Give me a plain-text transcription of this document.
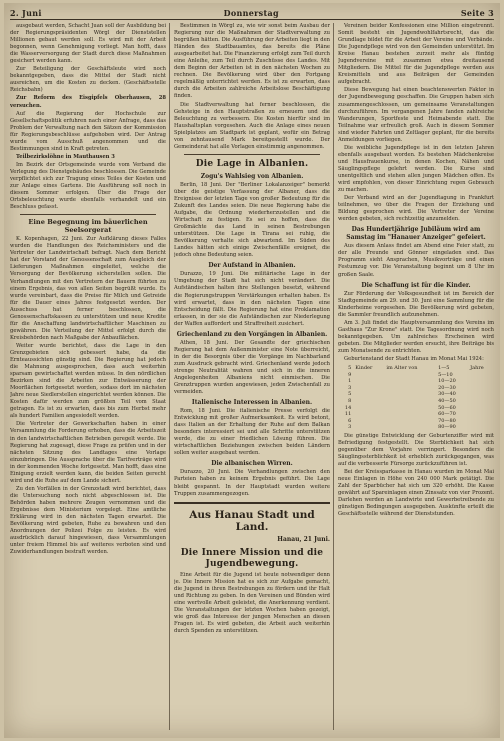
2. Juni	Donnerstag	Seite 3

ausgebaut werden, Schacht Juan soll der Ausbildung bei der Regierungspräsidenten Wörgl der Dienststellen Millionen gebaut werden soll. Es wird mit der Arbeit begonnen, wenn Genehmigung vorliegt. Man hofft, dass die Wasserversorgung der Stadt durch diese Maßnahmen gesichert werden kann.

Zur Beteiligung der Geschäftsleute wird noch bekanntgegeben, dass die Mittel der Stadt nicht ausreichen, um die Kosten zu decken. (Geschäftsstelle Reichsbahn)

Zur Reform des Eisgipfels Oberhausen, 28 versuchen.

Auf die Regierung der Hochschule zur Gesellschaftspolitik erfuhren nach einer Anfrage, dass das Problem der Verwaltung nach den Sätzen der Kommission für Regierungsbeschlüsse aufgehoben wird. Der Antrag wurde vom Ausschuß angenommen und die Bestimmungen sind in Kraft getreten.

Teilbezirkslöhne in Mauthausen 3

Im Bezirk der Ortsgemeinde wurde vom Verband die Verlegung des Dienstgebäudes beschlossen. Die Gemeinde verpflichtet sich zur Tragung eines Teiles der Kosten und zur Anlage eines Gartens. Die Ausführung soll noch in diesem Sommer erfolgen. Über die Frage der Ortsbeleuchtung wurde ebenfalls verhandelt und ein Beschluss gefasst.

Eine Begegnung im bäuerlichen Seelsorgerat

K. Kopenhagen, 22 Juni. Zur Aufklärung dieses Falles wurden die Handlungen des Reichsministers und die Vertreter der Landwirtschaft befragt. Nach dem Bericht hat der Vorstand der Genossenschaft zum Ausgleich der Lieferungen Maßnahmen eingeleitet, welche die Versorgung der Bevölkerung sicherstellen sollen. Die Verhandlungen mit den Vertretern der Bauern führten zu einem Ergebnis, das von allen Seiten begrüßt wurde. Es wurde vereinbart, dass die Preise für Milch und Getreide für die Dauer eines Jahres festgesetzt werden. Der Ausschuss hat ferner beschlossen, die Genossenschaftskassen zu unterstützen und neue Kredite für die Anschaffung landwirtschaftlicher Maschinen zu gewähren. Die Verteilung der Mittel erfolgt durch die Kreisbehörden nach Maßgabe der Anbauflächen.

Weiter wurde berichtet, dass die Lage in den Grenzgebieten sich gebessert habe, da die Ernteaussichten günstig sind. Die Regierung hat jedoch die Mahnung ausgesprochen, dass auch weiterhin sparsam gewirtschaftet werden müsse. In den nördlichen Bezirken sind die Arbeiten zur Entwässerung der Moorflächen fortgesetzt worden, sodass dort im nächsten Jahre neue Siedlerstellen eingerichtet werden können. Die Kosten dafür werden zum größten Teil vom Staat getragen. Es ist zu erwarten, dass bis zum Herbst mehr als hundert Familien angesiedelt werden.

Die Vertreter der Gewerkschaften haben in einer Versammlung die Forderung erhoben, dass die Arbeitszeit in den landwirtschaftlichen Betrieben geregelt werde. Die Regierung hat zugesagt, diese Frage zu prüfen und in der nächsten Sitzung des Landtages eine Vorlage einzubringen. Die Aussprache über die Tarifverträge wird in der kommenden Woche fortgesetzt. Man hofft, dass eine Einigung erzielt werden kann, die beiden Seiten gerecht wird und die Ruhe auf dem Lande sichert.

Zu den Vorfällen in der Grenzstadt wird berichtet, dass die Untersuchung noch nicht abgeschlossen ist. Die Behörden haben mehrere Zeugen vernommen und die Ergebnisse dem Ministerium vorgelegt. Eine amtliche Erklärung wird in den nächsten Tagen erwartet. Die Bevölkerung wird gebeten, Ruhe zu bewahren und den Anordnungen der Polizei Folge zu leisten. Es wird ausdrücklich darauf hingewiesen, dass Versammlungen unter freiem Himmel bis auf weiteres verboten sind und Zuwiderhandlungen bestraft werden.

Bestimmen in Wörgl zu, wie wir sonst beim Ausbau der Regierung nur die Maßnahmen der Stadtverwaltung zu begrüßen hätten. Die Ausführung der Arbeiten liegt in den Händen des Stadtbauamtes, das bereits die Pläne ausgearbeitet hat. Die Finanzierung erfolgt zum Teil durch eine Anleihe, zum Teil durch Zuschüsse des Landes. Mit dem Beginn der Arbeiten ist in den nächsten Wochen zu rechnen. Die Bevölkerung wird über den Fortgang regelmäßig unterrichtet werden. Es ist zu erwarten, dass durch die Arbeiten zahlreiche Arbeitslose Beschäftigung finden.

Die Stadtverwaltung hat ferner beschlossen, die Gehsteige in den Hauptstraßen zu erneuern und die Beleuchtung zu verbessern. Die Kosten hierfür sind im Haushaltsplan vorgesehen. Auch die Anlage eines neuen Spielplatzes am Stadtpark ist geplant, wofür ein Betrag von zehntausend Mark bereitgestellt wurde. Der Gemeinderat hat alle Vorlagen einstimmig angenommen.

Die Lage in Albanien.
Zogu's Wahlsieg von Albanien.

Berlin, 18 Juni. Der "Berliner Lokalanzeiger" bemerkt über die geistige Verfassung der Albaner, dass die Ereignisse der letzten Tage von großer Bedeutung für die Zukunft des Landes seien. Die neue Regierung habe die Aufgabe, die Ordnung wiederherzustellen und die Wirtschaft zu festigen. Es sei zu hoffen, dass die Großmächte das Land in seinen Bestrebungen unterstützen. Die Lage in Tirana sei ruhig, die Bevölkerung verhalte sich abwartend. Im Süden des Landes hätten sich einige Zwischenfälle ereignet, die jedoch ohne Bedeutung seien.

Der Aufstand in Albanien.

Durazzo, 19 Juni. Die militärische Lage in der Umgebung der Stadt hat sich nicht verändert. Die Aufständischen halten ihre Stellungen besetzt, während die Regierungstruppen Verstärkungen erhalten haben. Es wird erwartet, dass in den nächsten Tagen eine Entscheidung fällt. Die Regierung hat eine Proklamation erlassen, in der sie die Aufständischen zur Niederlegung der Waffen auffordert und Straffreiheit zusichert.

Griechenland zu den Vorgängen in Albanien.

Athen, 18 Juni. Der Gesandte der griechischen Regierung hat dem Außenminister eine Note überreicht, in der die Besorgnis über die Vorgänge im Nachbarland zum Ausdruck gebracht wird. Griechenland werde jedoch strenge Neutralität wahren und sich in die inneren Angelegenheiten Albaniens nicht einmischen. Die Grenztruppen wurden angewiesen, jeden Zwischenfall zu vermeiden.

Italienische Interessen in Albanien.

Rom, 18 Juni. Die italienische Presse verfolgt die Entwicklung mit großer Aufmerksamkeit. Es wird betont, dass Italien an der Erhaltung der Ruhe auf dem Balkan besonders interessiert sei und alle Schritte unterstützen werde, die zu einer friedlichen Lösung führen. Die wirtschaftlichen Beziehungen zwischen beiden Ländern sollen weiter ausgebaut werden.

Die albanischen Wirren.

Durazzo, 20 Juni. Die Verhandlungen zwischen den Parteien haben zu keinem Ergebnis geführt. Die Lage bleibt gespannt. In der Hauptstadt wurden weitere Truppen zusammengezogen.

Aus Hanau Stadt und Land.
Hanau, 21 Juni.
Die Innere Mission und die Jugendbewegung.

Eine Arbeit für die Jugend ist heute notwendiger denn je. Die Innere Mission hat es sich zur Aufgabe gemacht, die Jugend in ihren Bestrebungen zu fördern und ihr Halt und Richtung zu geben. In den Vereinen und Bünden wird eine wertvolle Arbeit geleistet, die Anerkennung verdient. Die Veranstaltungen der letzten Wochen haben gezeigt, wie groß das Interesse der jungen Menschen an diesen Fragen ist. Es wird gebeten, die Arbeit auch weiterhin durch Spenden zu unterstützen.

Vereinen beider Konfessionen eine Million eingetrennt. Somit besteht ein Jugendwohlfahrtsrecht, das die Grundlage bildet für die Arbeit der Vereine und Verbände. Die Jugendpflege wird von den Gemeinden unterstützt. Im Kreise Hanau bestehen zurzeit mehr als fünfzig Jugendvereine mit zusammen etwa dreitausend Mitgliedern. Die Mittel für die Jugendpflege werden aus Kreismitteln und aus Beiträgen der Gemeinden aufgebracht.

Diese Bewegung hat einen beachtenswerten Faktor in der Jugendbewegung geschaffen. Die Gruppen haben sich zusammengeschlossen, um gemeinsame Veranstaltungen durchzuführen. Im vergangenen Jahre fanden zahlreiche Wanderungen, Sportfeste und Heimabende statt. Die Teilnahme war erfreulich groß. Auch in diesem Sommer sind wieder Fahrten und Zeltlager geplant, für die bereits Anmeldungen vorliegen.

Die weibliche Jugendpflege ist in den letzten Jahren ebenfalls ausgebaut worden. Es bestehen Mädchenkreise und Hausfrauenkurse, in denen Kochen, Nähen und Säuglingspflege gelehrt werden. Die Kurse sind unentgeltlich und stehen allen jungen Mädchen offen. Es wird empfohlen, von dieser Einrichtung regen Gebrauch zu machen.

Der Verband wird an der Jugendtagung in Frankfurt teilnehmen, wo über die Fragen der Erziehung und Bildung gesprochen wird. Die Vertreter der Vereine werden gebeten, sich rechtzeitig anzumelden.

Das Hundertjährige Jubiläum wird am Samstag im "Hanauer Anzeiger" gefeiert.

Aus diesem Anlass findet am Abend eine Feier statt, zu der alle Freunde und Gönner eingeladen sind. Das Programm sieht Ansprachen, Musikvorträge und einen Festumzug vor. Die Veranstaltung beginnt um 8 Uhr im großen Saale.

Die Schaffung ist für die Kinder.

Zur Förderung der Volksgesundheit ist im Bereich der Stadtgemeinde am 29. und 30. Juni eine Sammlung für die Kinderheime vorgesehen. Die Bevölkerung wird gebeten, die Sammler freundlich aufzunehmen.

Am 3. Juli findet die Hauptversammlung des Vereins im Gasthaus "Zur Krone" statt. Die Tagesordnung wird noch bekanntgegeben. Um zahlreiches Erscheinen wird gebeten. Die Mitglieder werden ersucht, ihre Beiträge bis zum Monatsende zu entrichten.

Geburtenstand der Stadt Hanau im Monat Mai 1924:

5	Kinder	im Alter von	1—5	Jahre
9			5—10	
1			10—20	
3			20—30	
5			30—40	
8			40—50	
14			50—60	
11			60—70	
6			70—80	
3			80—90	

Die günstige Entwicklung der Geburtenziffer wird mit Befriedigung festgestellt. Die Sterblichkeit hat sich gegenüber dem Vorjahre verringert. Besonders die Säuglingssterblichkeit ist erheblich zurückgegangen, was auf die verbesserte Fürsorge zurückzuführen ist.

Bei der Kreissparkasse in Hanau wurden im Monat Mai neue Einlagen in Höhe von 240 000 Mark getätigt. Die Zahl der Sparbücher hat sich um 320 erhöht. Die Kasse gewährt auf Spareinlagen einen Zinssatz von vier Prozent. Darlehen werden an Landwirte und Gewerbetreibende zu günstigen Bedingungen ausgegeben. Auskünfte erteilt die Geschäftsstelle während der Dienststunden.
